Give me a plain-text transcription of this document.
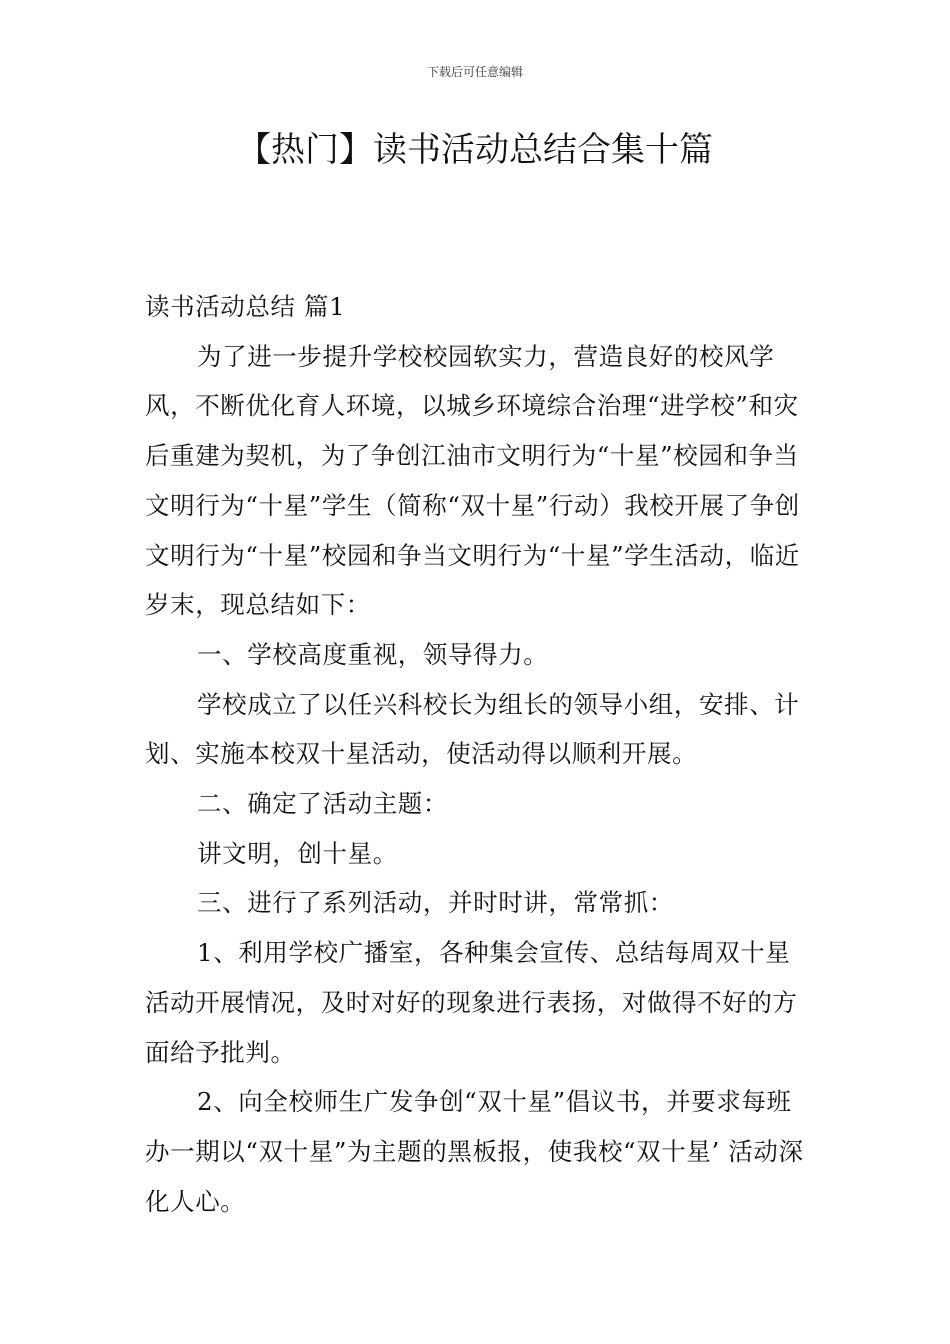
下载后可任意编辑
【热门】读书活动总结合集十篇

读书活动总结 篇1

为了进一步提升学校校园软实力，营造良好的校风学风，不断优化育人环境，以城乡环境综合治理“进学校”和灾后重建为契机，为了争创江油市文明行为“十星”校园和争当文明行为“十星”学生（简称“双十星”行动）我校开展了争创文明行为“十星”校园和争当文明行为“十星”学生活动，临近岁末，现总结如下：

一、学校高度重视，领导得力。

学校成立了以任兴科校长为组长的领导小组，安排、计划、实施本校双十星活动，使活动得以顺利开展。

二、确定了活动主题：

讲文明，创十星。

三、进行了系列活动，并时时讲，常常抓：

1、利用学校广播室，各种集会宣传、总结每周双十星活动开展情况，及时对好的现象进行表扬，对做得不好的方面给予批判。

2、向全校师生广发争创“双十星”倡议书，并要求每班办一期以“双十星”为主题的黑板报，使我校“双十星’ 活动深化人心。
